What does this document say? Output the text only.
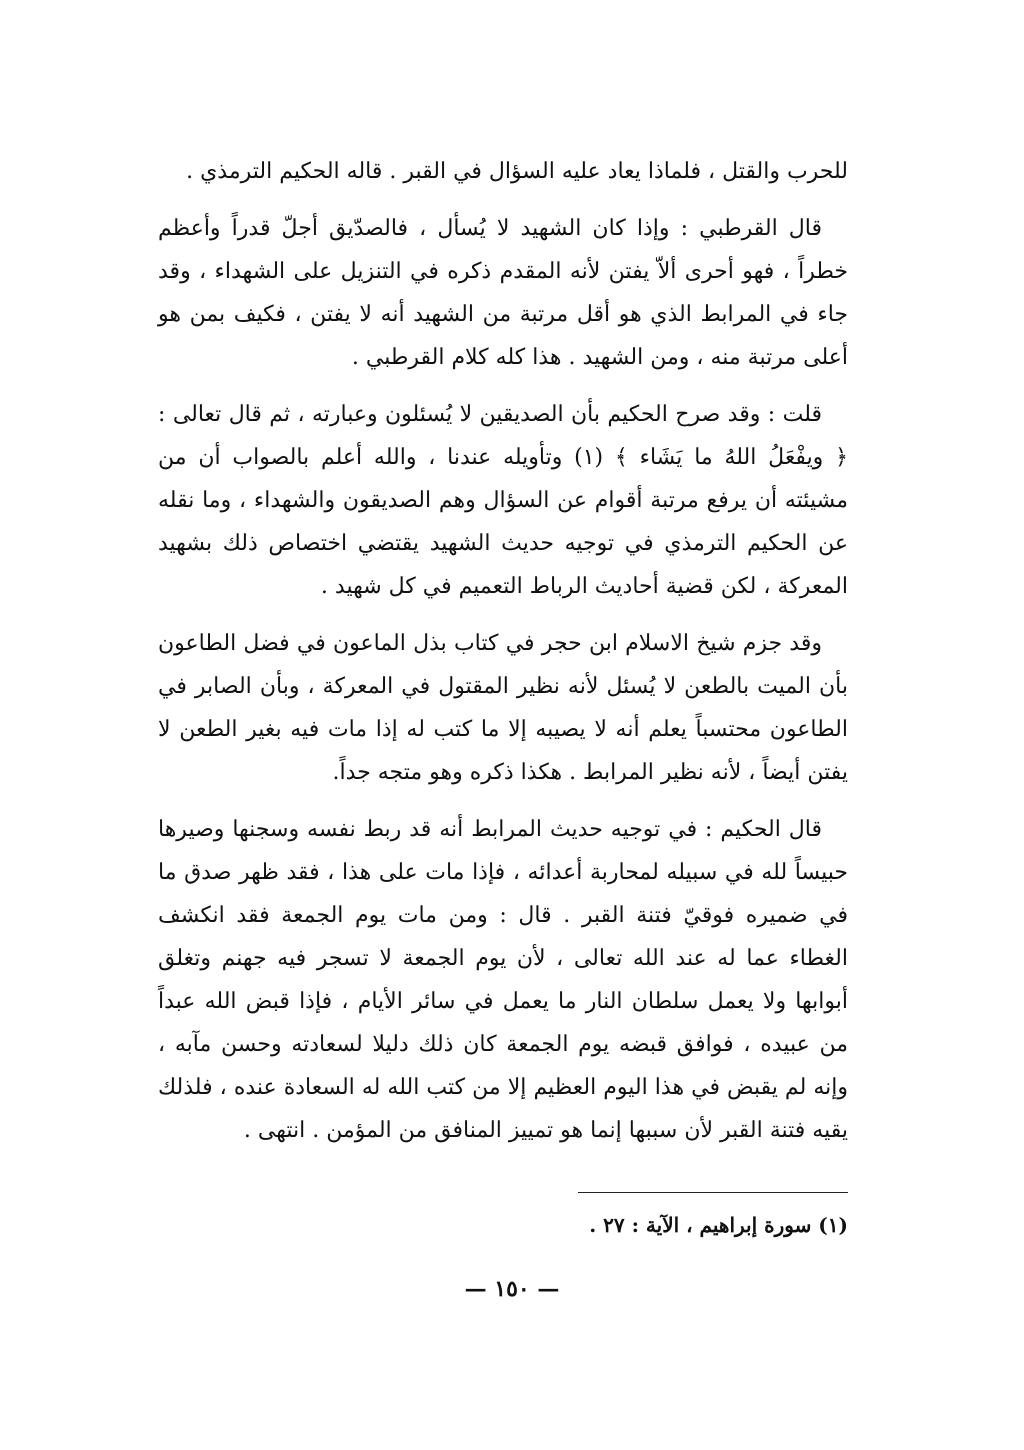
للحرب والقتل ، فلماذا يعاد عليه السؤال في القبر . قاله الحكيم الترمذي .

قال القرطبي : وإذا كان الشهيد لا يُسأل ، فالصدّيق أجلّ قدراً وأعظم خطراً ، فهو أحرى ألاّ يفتن لأنه المقدم ذكره في التنزيل على الشهداء ، وقد جاء في المرابط الذي هو أقل مرتبة من الشهيد أنه لا يفتن ، فكيف بمن هو أعلى مرتبة منه ، ومن الشهيد . هذا كله كلام القرطبي .

قلت : وقد صرح الحكيم بأن الصديقين لا يُسئلون وعبارته ، ثم قال تعالى : ﴿ ويفْعَلُ اللهُ ما يَشَاء ﴾ (١) وتأويله عندنا ، والله أعلم بالصواب أن من مشيئته أن يرفع مرتبة أقوام عن السؤال وهم الصديقون والشهداء ، وما نقله عن الحكيم الترمذي في توجيه حديث الشهيد يقتضي اختصاص ذلك بشهيد المعركة ، لكن قضية أحاديث الرباط التعميم في كل شهيد .

وقد جزم شيخ الاسلام ابن حجر في كتاب بذل الماعون في فضل الطاعون بأن الميت بالطعن لا يُسئل لأنه نظير المقتول في المعركة ، وبأن الصابر في الطاعون محتسباً يعلم أنه لا يصيبه إلا ما كتب له إذا مات فيه بغير الطعن لا يفتن أيضاً ، لأنه نظير المرابط . هكذا ذكره وهو متجه جداً.

قال الحكيم : في توجيه حديث المرابط أنه قد ربط نفسه وسجنها وصيرها حبيساً لله في سبيله لمحاربة أعدائه ، فإذا مات على هذا ، فقد ظهر صدق ما في ضميره فوقيّ فتنة القبر . قال : ومن مات يوم الجمعة فقد انكشف الغطاء عما له عند الله تعالى ، لأن يوم الجمعة لا تسجر فيه جهنم وتغلق أبوابها ولا يعمل سلطان النار ما يعمل في سائر الأيام ، فإذا قبض الله عبداً من عبيده ، فوافق قبضه يوم الجمعة كان ذلك دليلا لسعادته وحسن مآبه ، وإنه لم يقبض في هذا اليوم العظيم إلا من كتب الله له السعادة عنده ، فلذلك يقيه فتنة القبر لأن سببها إنما هو تمييز المنافق من المؤمن . انتهى .

(١) سورة إبراهيم ، الآية : ٢٧ .
— ١٥٠ —
